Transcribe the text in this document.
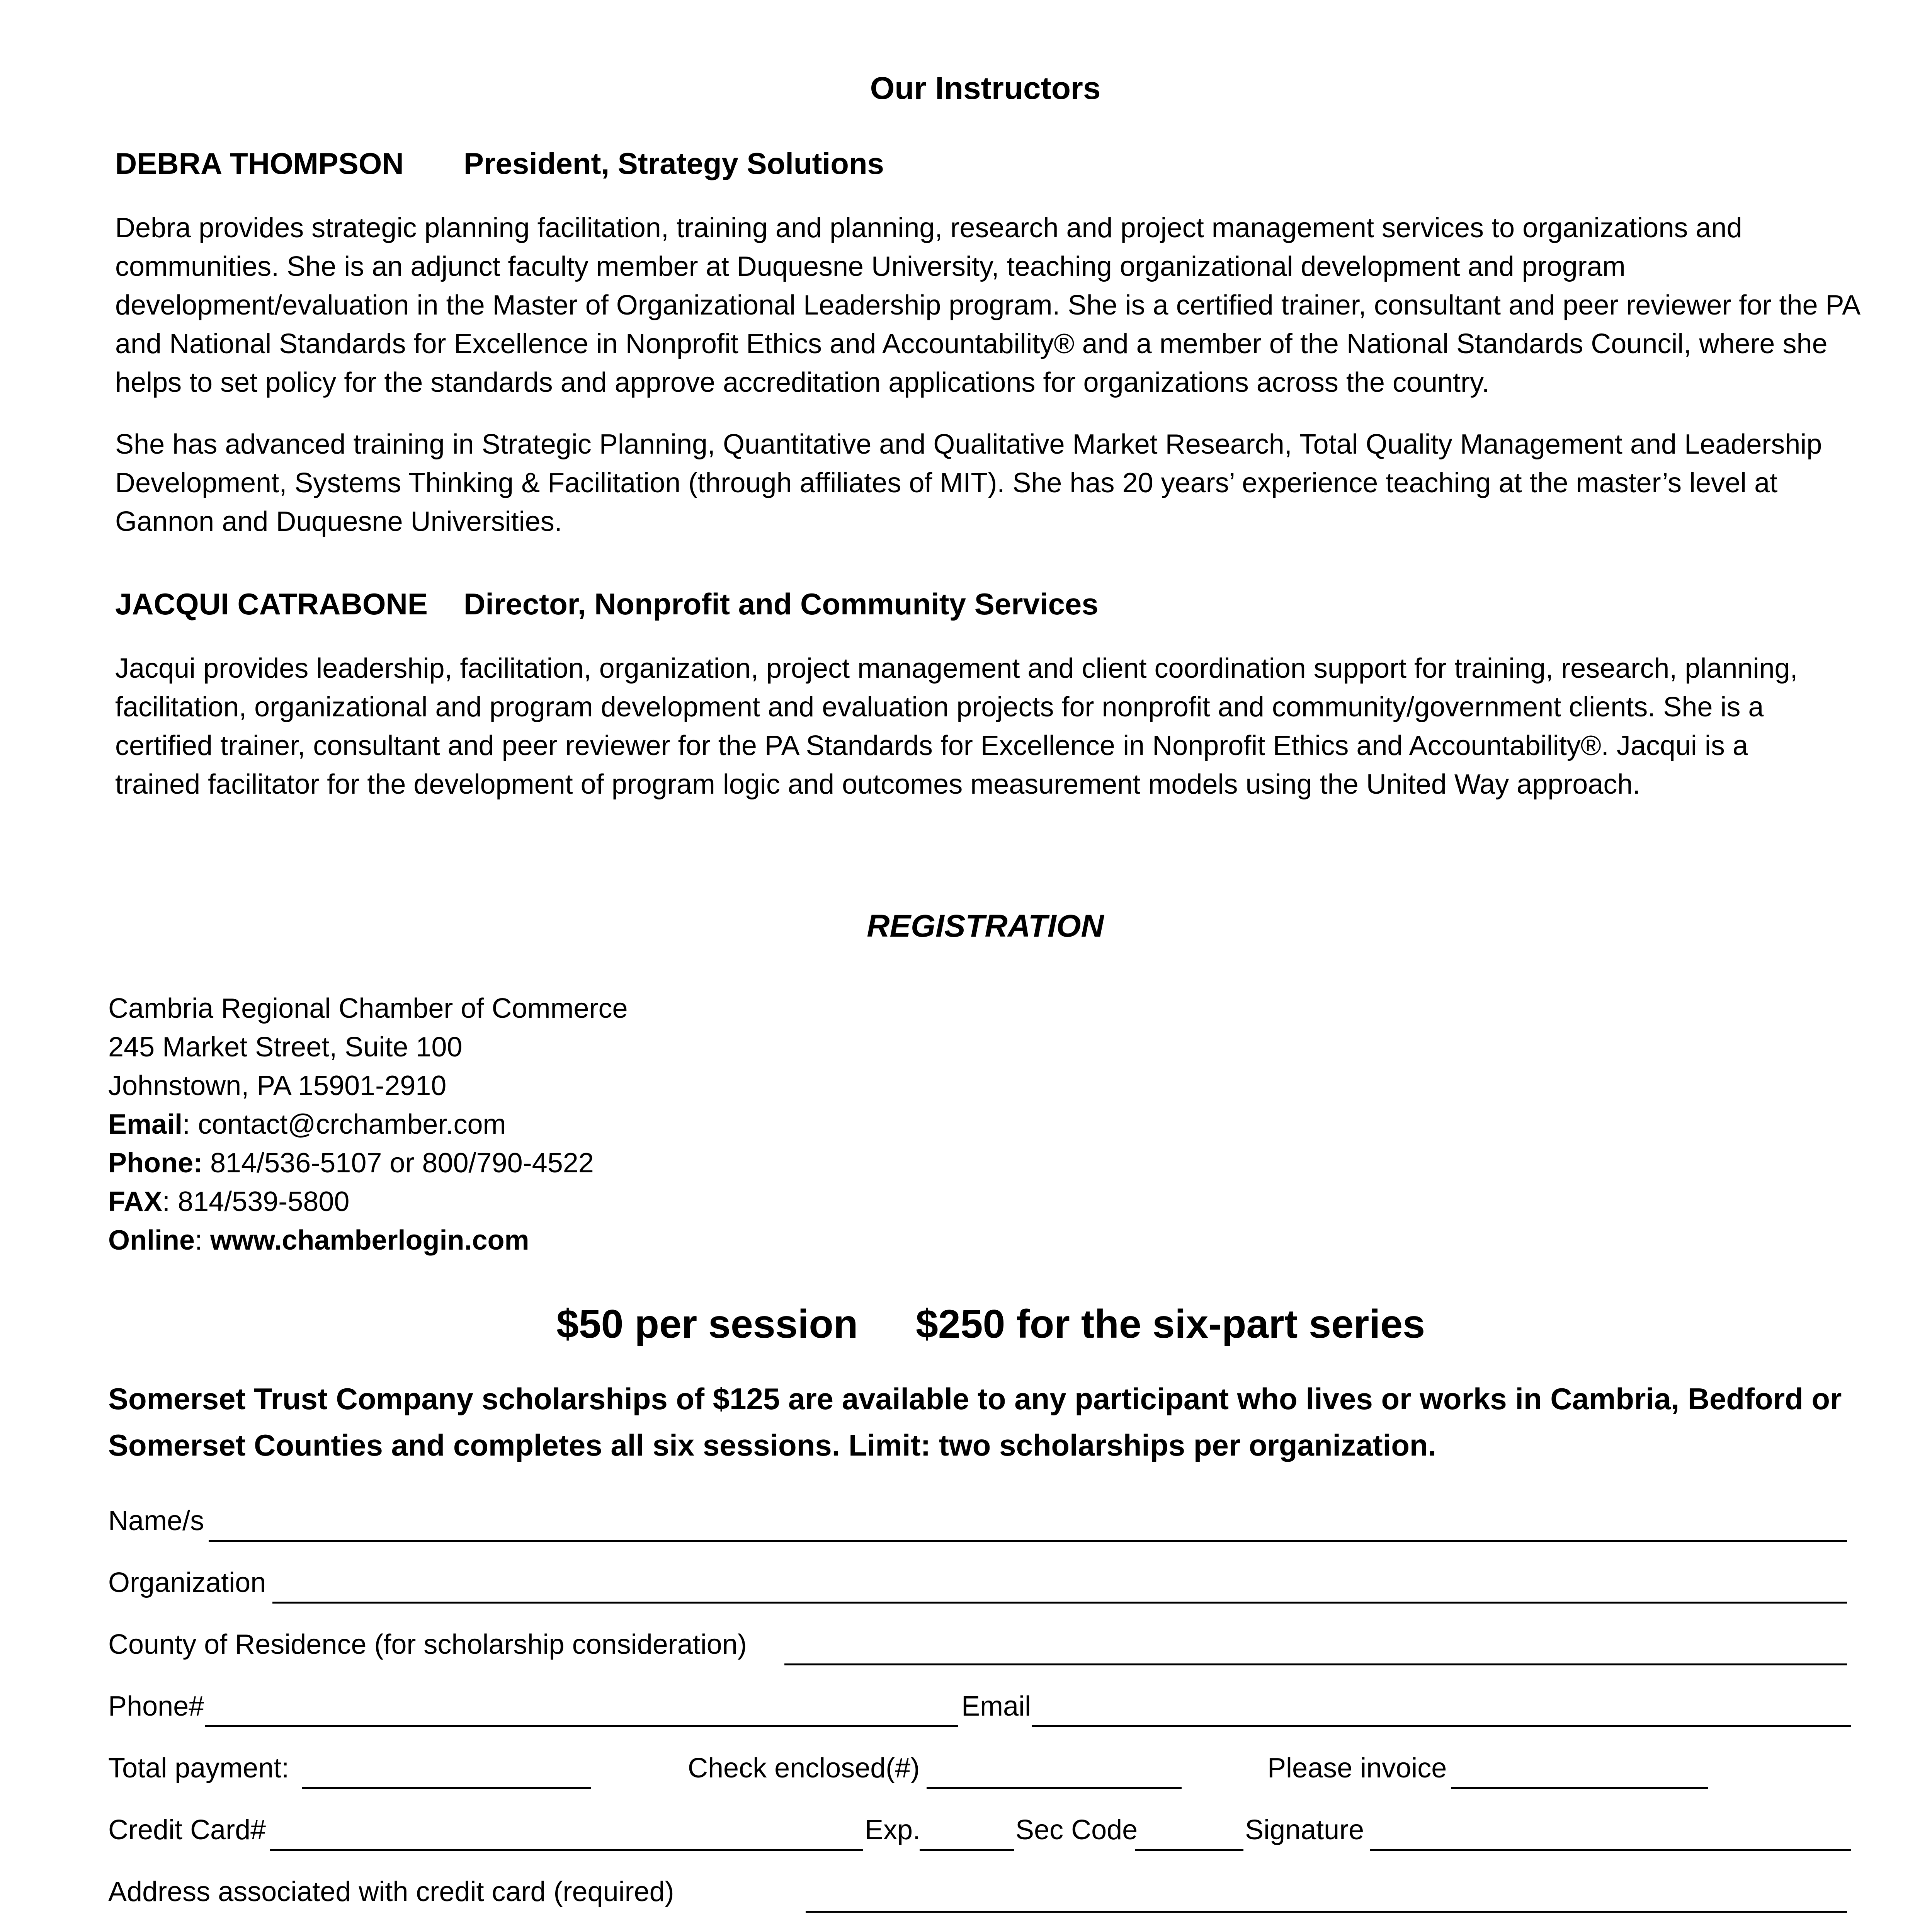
Our Instructors
DEBRA THOMPSON President, Strategy Solutions
Debra provides strategic planning facilitation, training and planning, research and project management services to organizations and communities. She is an adjunct faculty member at Duquesne University, teaching organizational development and program development/evaluation in the Master of Organizational Leadership program. She is a certified trainer, consultant and peer reviewer for the PA and National Standards for Excellence in Nonprofit Ethics and Accountability® and a member of the National Standards Council, where she helps to set policy for the standards and approve accreditation applications for organizations across the country.
She has advanced training in Strategic Planning, Quantitative and Qualitative Market Research, Total Quality Management and Leadership Development, Systems Thinking & Facilitation (through affiliates of MIT). She has 20 years’ experience teaching at the master’s level at Gannon and Duquesne Universities.
JACQUI CATRABONE Director, Nonprofit and Community Services
Jacqui provides leadership, facilitation, organization, project management and client coordination support for training, research, planning, facilitation, organizational and program development and evaluation projects for nonprofit and community/government clients. She is a certified trainer, consultant and peer reviewer for the PA Standards for Excellence in Nonprofit Ethics and Accountability®. Jacqui is a trained facilitator for the development of program logic and outcomes measurement models using the United Way approach.
REGISTRATION
Cambria Regional Chamber of Commerce
245 Market Street, Suite 100
Johnstown, PA 15901-2910
Email: contact@crchamber.com
Phone: 814/536-5107 or 800/790-4522
FAX: 814/539-5800
Online: www.chamberlogin.com
$50 per session $250 for the six-part series
Somerset Trust Company scholarships of $125 are available to any participant who lives or works in Cambria, Bedford or Somerset Counties and completes all six sessions. Limit: two scholarships per organization.
Name/s
Organization
County of Residence (for scholarship consideration)
Phone#	Email
Total payment:	Check enclosed(#)	Please invoice
Credit Card#	Exp.	Sec Code	Signature
Address associated with credit card (required)
